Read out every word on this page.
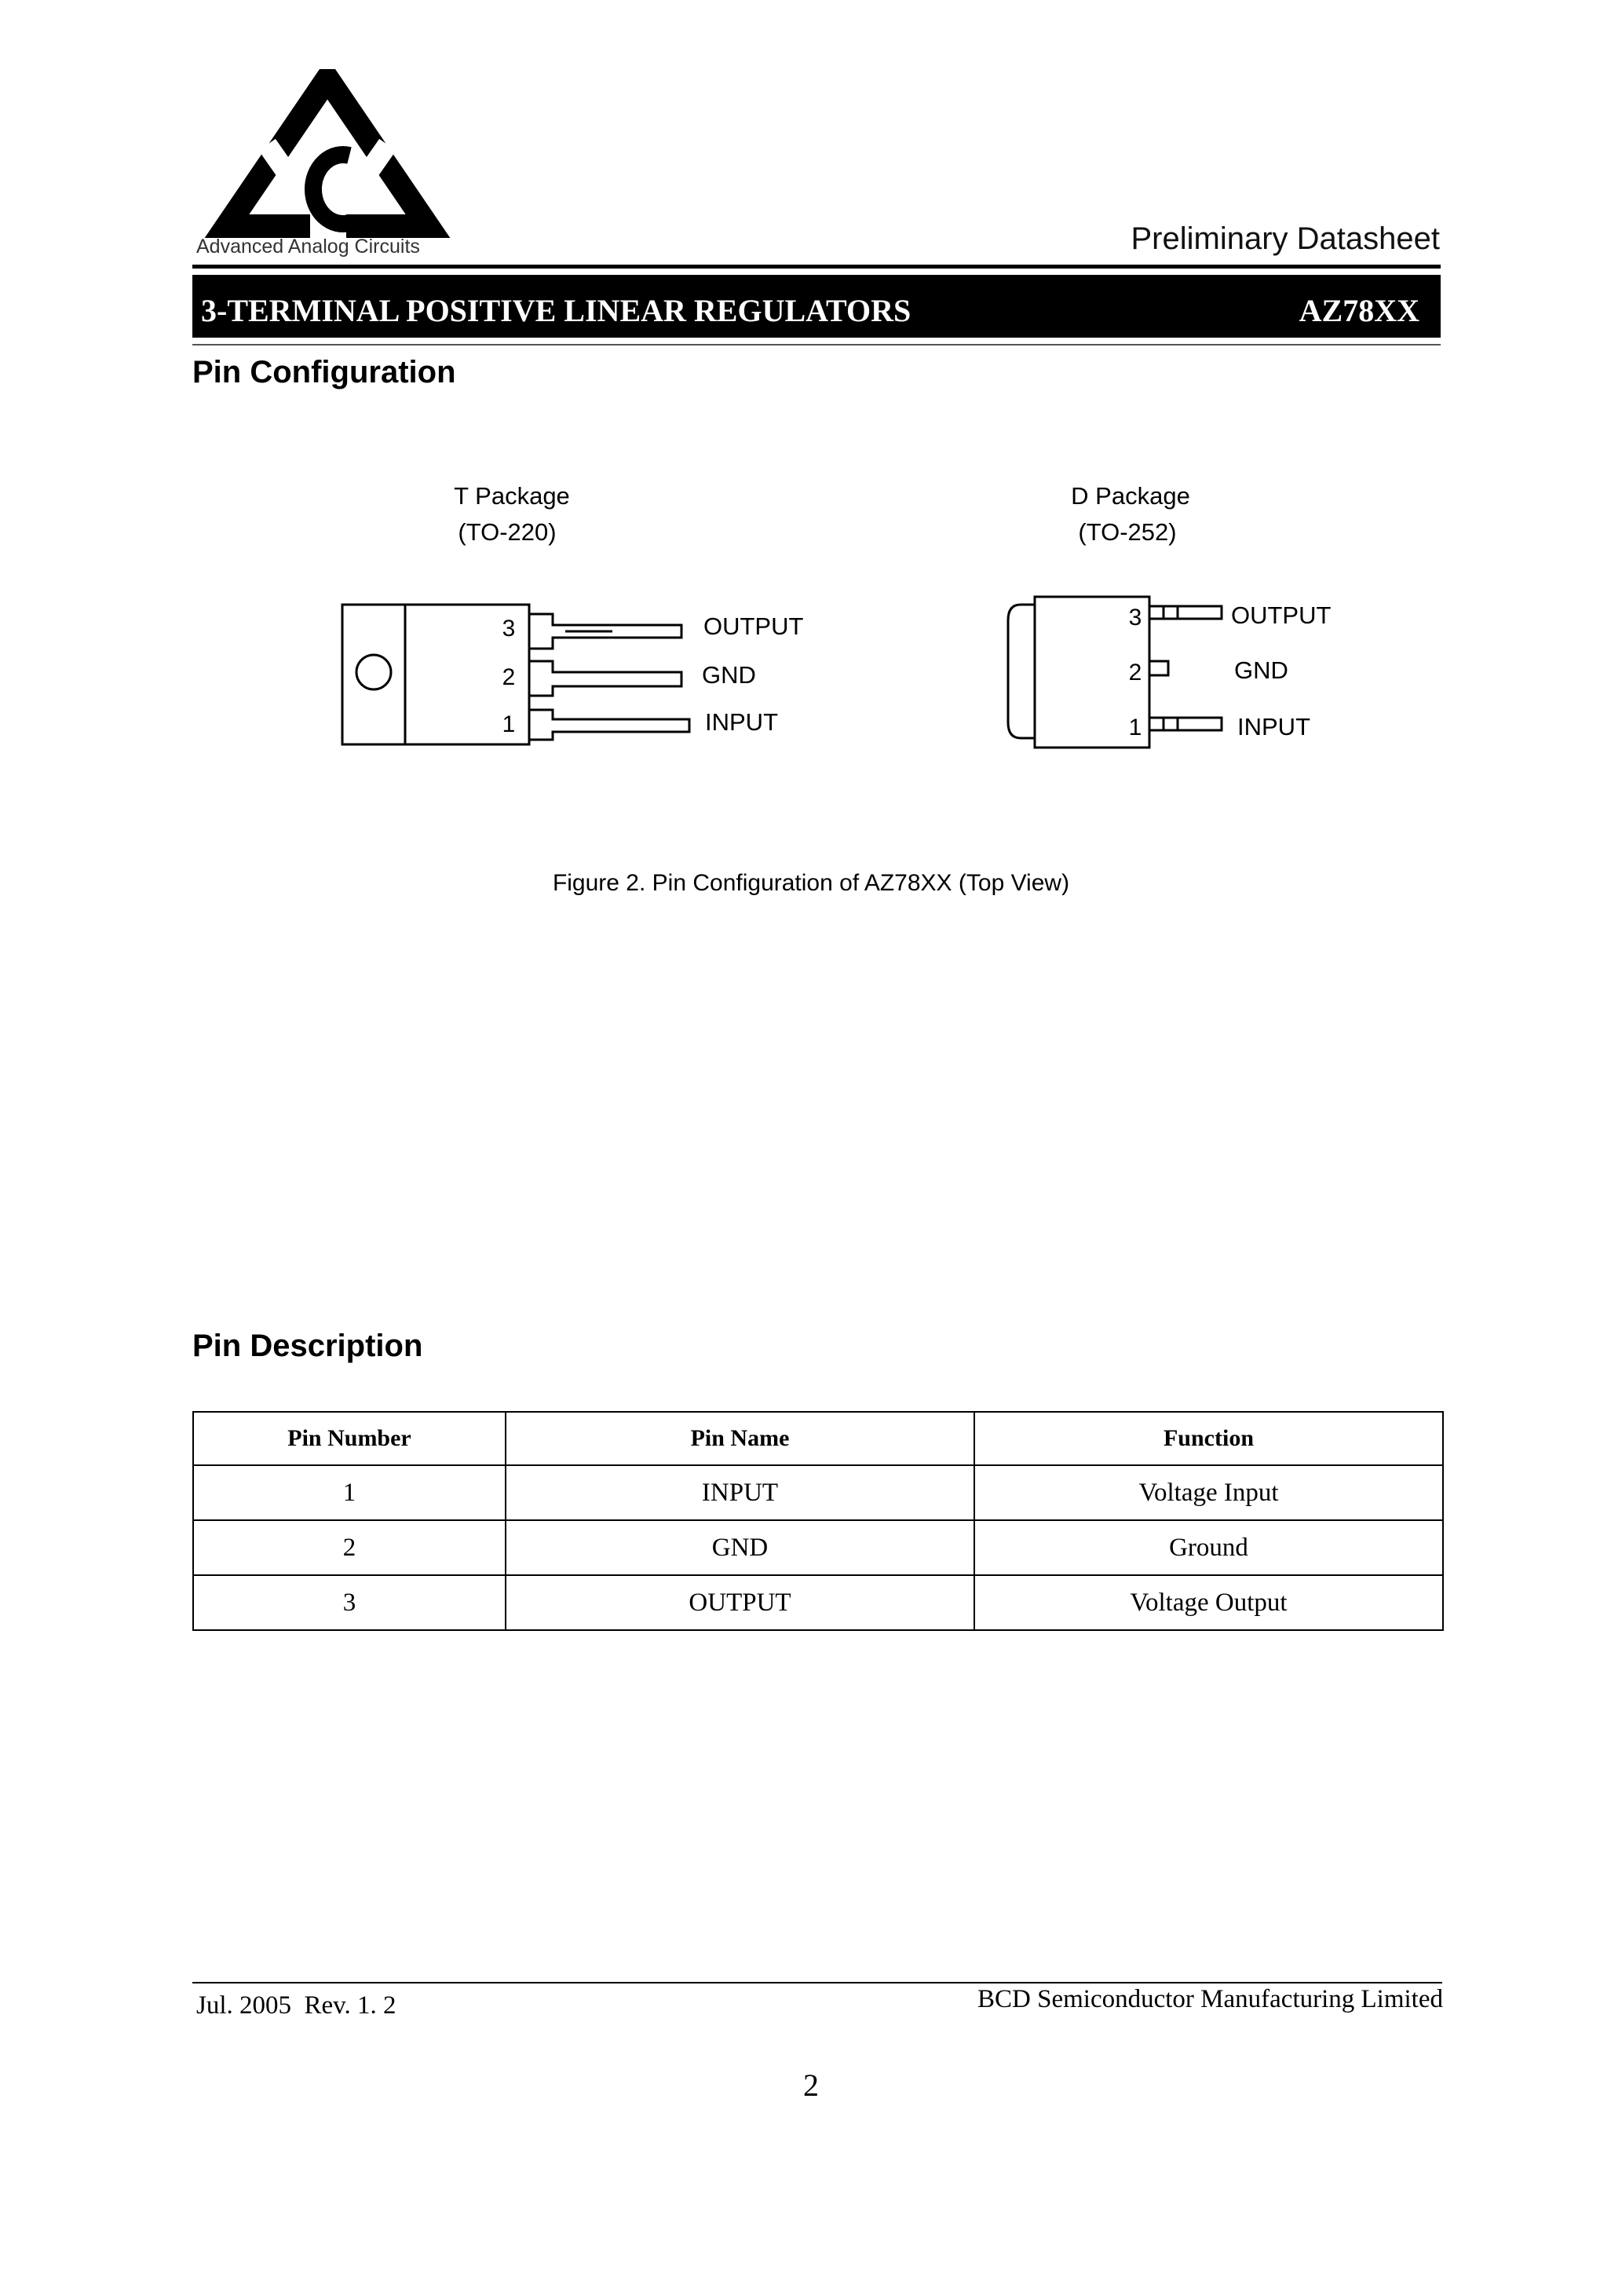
Advanced Analog Circuits	Preliminary Datasheet
3-TERMINAL POSITIVE LINEAR REGULATORS	AZ78XX
Pin Configuration
T Package
(TO-220)
3
2
1
OUTPUT
GND
INPUT
D Package
(TO-252)
3
2
1
OUTPUT
GND
INPUT
Figure 2. Pin Configuration of AZ78XX (Top View)
Pin Description
Pin Number	Pin Name	Function
1	INPUT	Voltage Input
2	GND	Ground
3	OUTPUT	Voltage Output
Jul. 2005  Rev. 1. 2	BCD Semiconductor Manufacturing Limited
2
